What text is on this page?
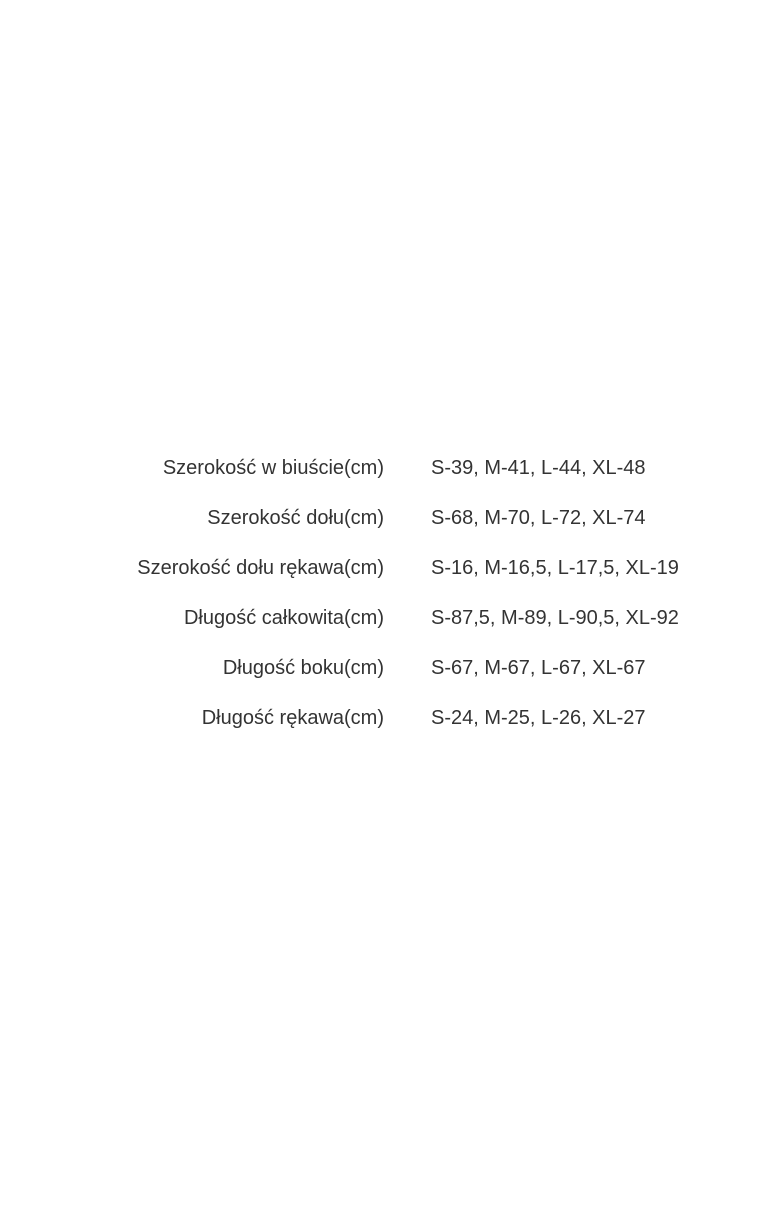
Szerokość w biuście(cm) S-39, M-41, L-44, XL-48
Szerokość dołu(cm) S-68, M-70, L-72, XL-74
Szerokość dołu rękawa(cm) S-16, M-16,5, L-17,5, XL-19
Długość całkowita(cm) S-87,5, M-89, L-90,5, XL-92
Długość boku(cm) S-67, M-67, L-67, XL-67
Długość rękawa(cm) S-24, M-25, L-26, XL-27
